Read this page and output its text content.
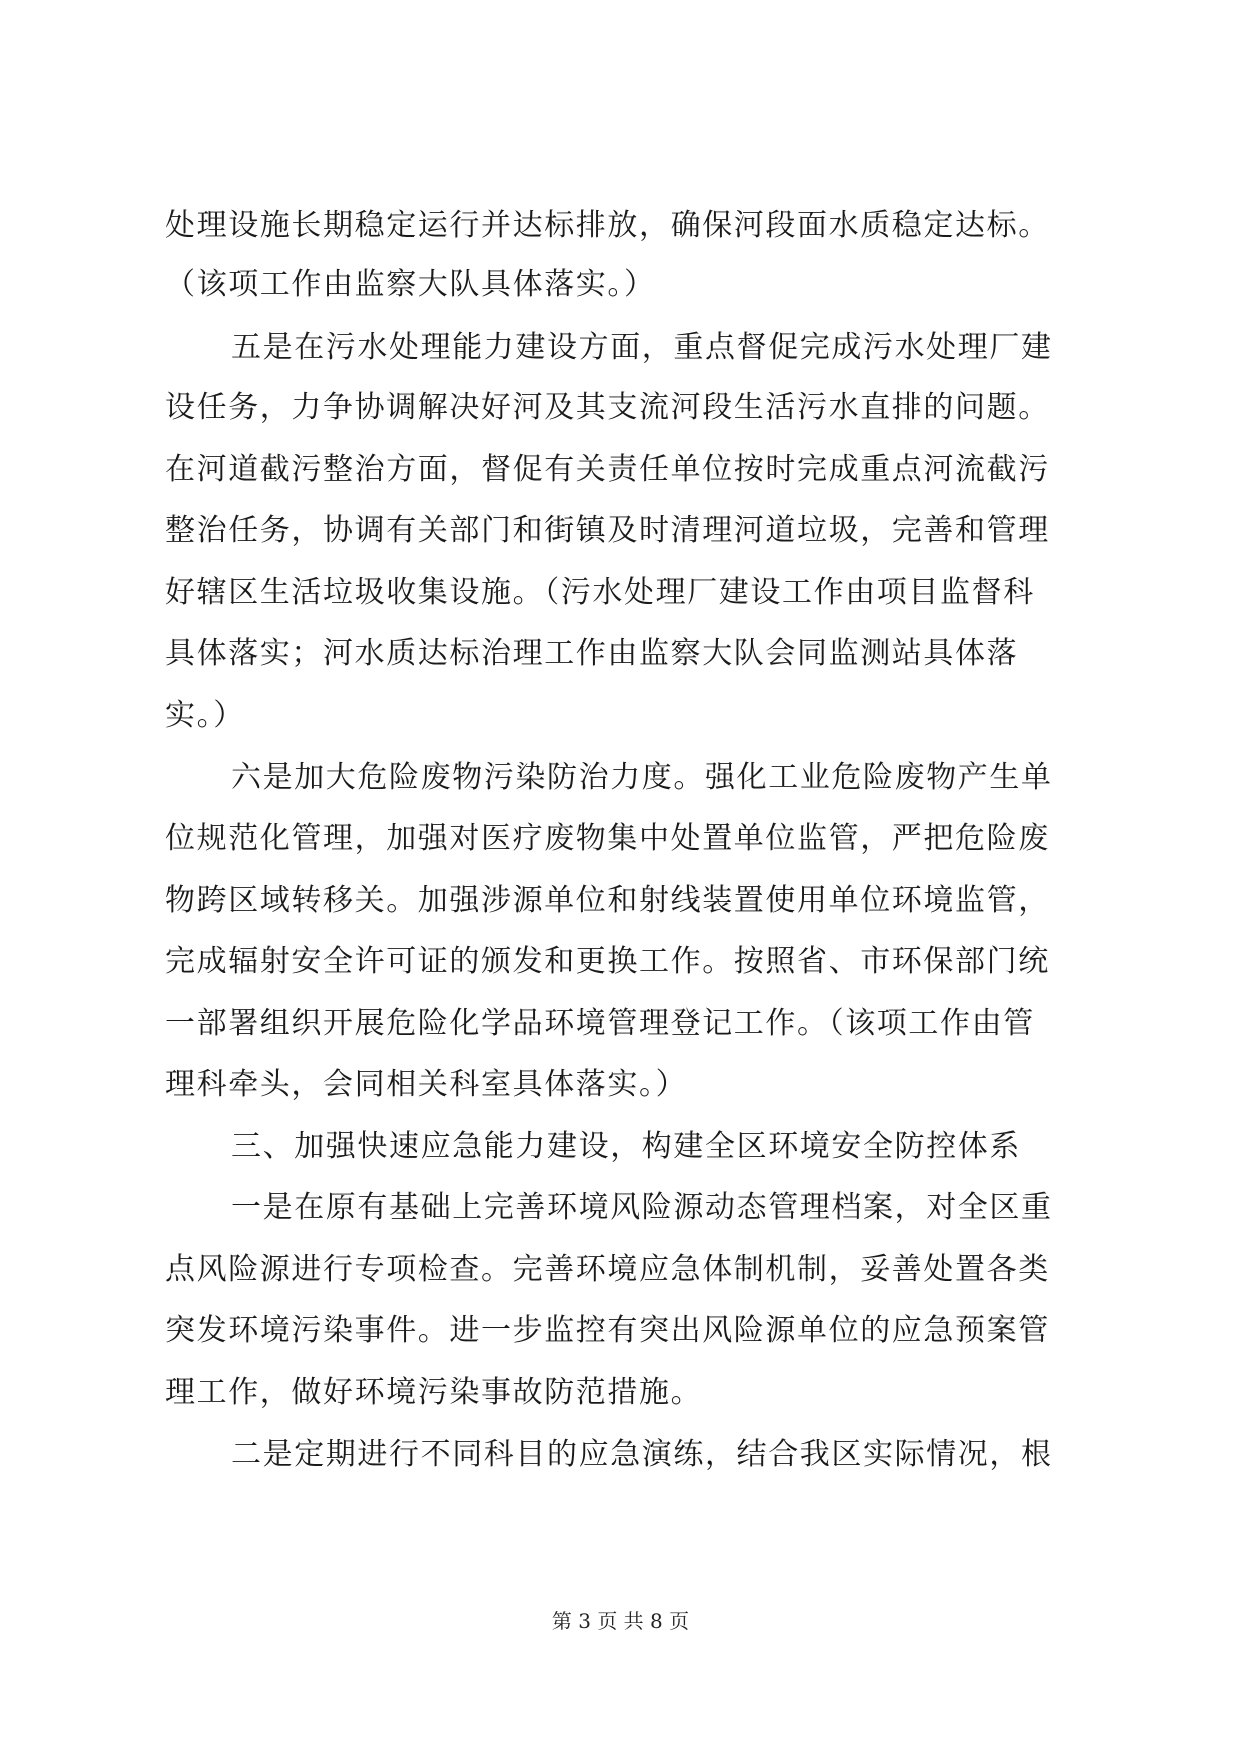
处理设施长期稳定运行并达标排放，确保河段面水质稳定达标。
（该项工作由监察大队具体落实。）
五是在污水处理能力建设方面，重点督促完成污水处理厂建
设任务，力争协调解决好河及其支流河段生活污水直排的问题。
在河道截污整治方面，督促有关责任单位按时完成重点河流截污
整治任务，协调有关部门和街镇及时清理河道垃圾，完善和管理
好辖区生活垃圾收集设施。（污水处理厂建设工作由项目监督科
具体落实；河水质达标治理工作由监察大队会同监测站具体落
实。）
六是加大危险废物污染防治力度。强化工业危险废物产生单
位规范化管理，加强对医疗废物集中处置单位监管，严把危险废
物跨区域转移关。加强涉源单位和射线装置使用单位环境监管，
完成辐射安全许可证的颁发和更换工作。按照省、市环保部门统
一部署组织开展危险化学品环境管理登记工作。（该项工作由管
理科牵头，会同相关科室具体落实。）
三、加强快速应急能力建设，构建全区环境安全防控体系
一是在原有基础上完善环境风险源动态管理档案，对全区重
点风险源进行专项检查。完善环境应急体制机制，妥善处置各类
突发环境污染事件。进一步监控有突出风险源单位的应急预案管
理工作，做好环境污染事故防范措施。
二是定期进行不同科目的应急演练，结合我区实际情况，根
第 3 页 共 8 页
